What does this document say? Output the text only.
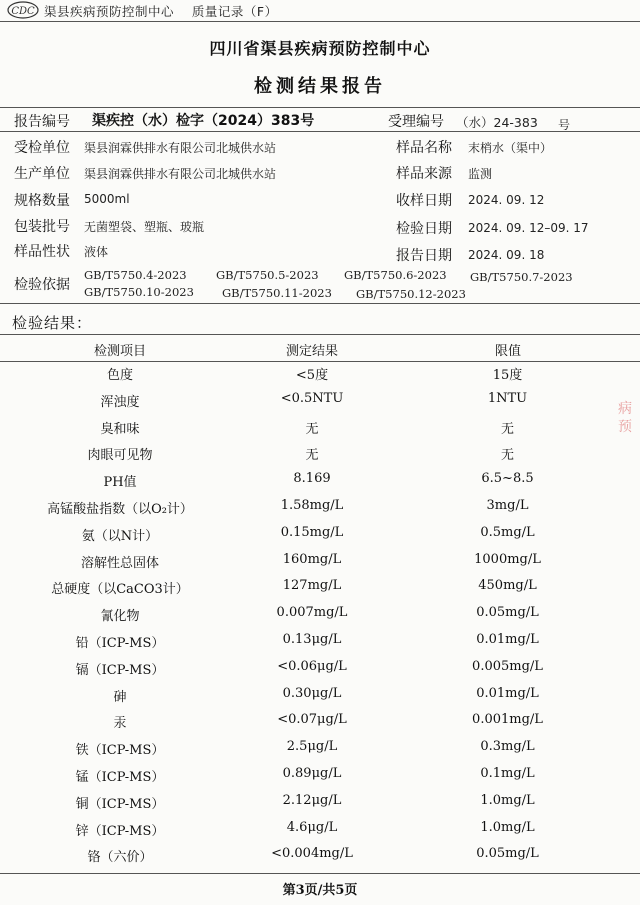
CDC 渠县疾病预防控制中心 质量记录（F）
四川省渠县疾病预防控制中心
检测结果报告
报告编号 渠疾控（水）检字（2024）383号	受理编号 （水）24-383 号
受检单位 渠县润霖供排水有限公司北城供水站	样品名称 末梢水（渠中）
生产单位 渠县润霖供排水有限公司北城供水站	样品来源 监测
规格数量 5000ml	收样日期 2024. 09. 12
包装批号 无菌塑袋、塑瓶、玻瓶	检验日期 2024. 09. 12–09. 17
样品性状 液体	报告日期 2024. 09. 18
检验依据
GB/T5750.4-2023	GB/T5750.5-2023 GB/T5750.6-2023 GB/T5750.7-2023
GB/T5750.10-2023 GB/T5750.11-2023 GB/T5750.12-2023
检验结果：
检测项目	测定结果	限值
色度	<5度	15度
浑浊度	<0.5NTU	1NTU
臭和味	无	无
肉眼可见物	无	无
PH值	8.169	6.5~8.5
高锰酸盐指数（以O₂计）	1.58mg/L	3mg/L
氨（以N计）	0.15mg/L	0.5mg/L
溶解性总固体	160mg/L	1000mg/L
总硬度（以CaCO3计）	127mg/L	450mg/L
氰化物	0.007mg/L	0.05mg/L
铅（ICP-MS）	0.13μg/L	0.01mg/L
镉（ICP-MS）	<0.06μg/L	0.005mg/L
砷	0.30μg/L	0.01mg/L
汞	<0.07μg/L	0.001mg/L
铁（ICP-MS）	2.5μg/L	0.3mg/L
锰（ICP-MS）	0.89μg/L	0.1mg/L
铜（ICP-MS）	2.12μg/L	1.0mg/L
锌（ICP-MS）	4.6μg/L	1.0mg/L
铬（六价）	<0.004mg/L	0.05mg/L
第3页/共5页
病预
